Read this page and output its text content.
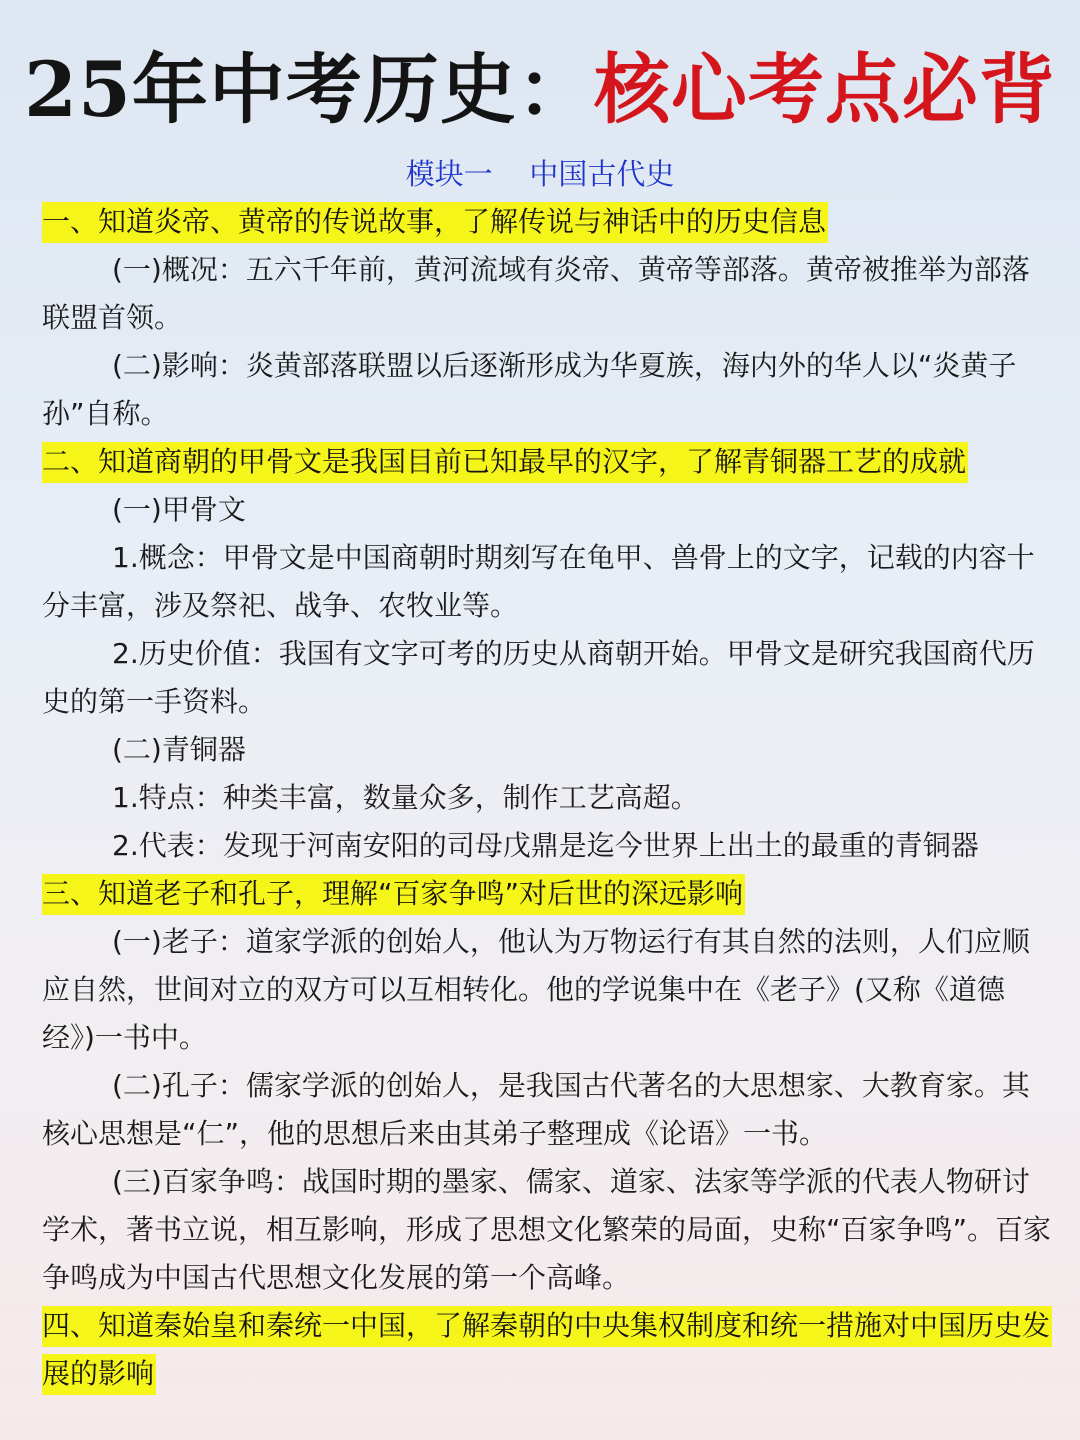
25年中考历史：核心考点必背
模块一    中国古代史

一、知道炎帝、黄帝的传说故事，了解传说与神话中的历史信息

(一)概况：五六千年前，黄河流域有炎帝、黄帝等部落。黄帝被推举为部落联盟首领。

(二)影响：炎黄部落联盟以后逐渐形成为华夏族，海内外的华人以“炎黄子孙”自称。

二、知道商朝的甲骨文是我国目前已知最早的汉字，了解青铜器工艺的成就

(一)甲骨文

1.概念：甲骨文是中国商朝时期刻写在龟甲、兽骨上的文字，记载的内容十分丰富，涉及祭祀、战争、农牧业等。

2.历史价值：我国有文字可考的历史从商朝开始。甲骨文是研究我国商代历史的第一手资料。

(二)青铜器

1.特点：种类丰富，数量众多，制作工艺高超。

2.代表：发现于河南安阳的司母戊鼎是迄今世界上出土的最重的青铜器

三、知道老子和孔子，理解“百家争鸣”对后世的深远影响

(一)老子：道家学派的创始人，他认为万物运行有其自然的法则，人们应顺应自然，世间对立的双方可以互相转化。他的学说集中在《老子》(又称《道德经》)一书中。

(二)孔子：儒家学派的创始人，是我国古代著名的大思想家、大教育家。其核心思想是“仁”，他的思想后来由其弟子整理成《论语》一书。

(三)百家争鸣：战国时期的墨家、儒家、道家、法家等学派的代表人物研讨学术，著书立说，相互影响，形成了思想文化繁荣的局面，史称“百家争鸣”。百家争鸣成为中国古代思想文化发展的第一个高峰。

四、知道秦始皇和秦统一中国，了解秦朝的中央集权制度和统一措施对中国历史发展的影响
